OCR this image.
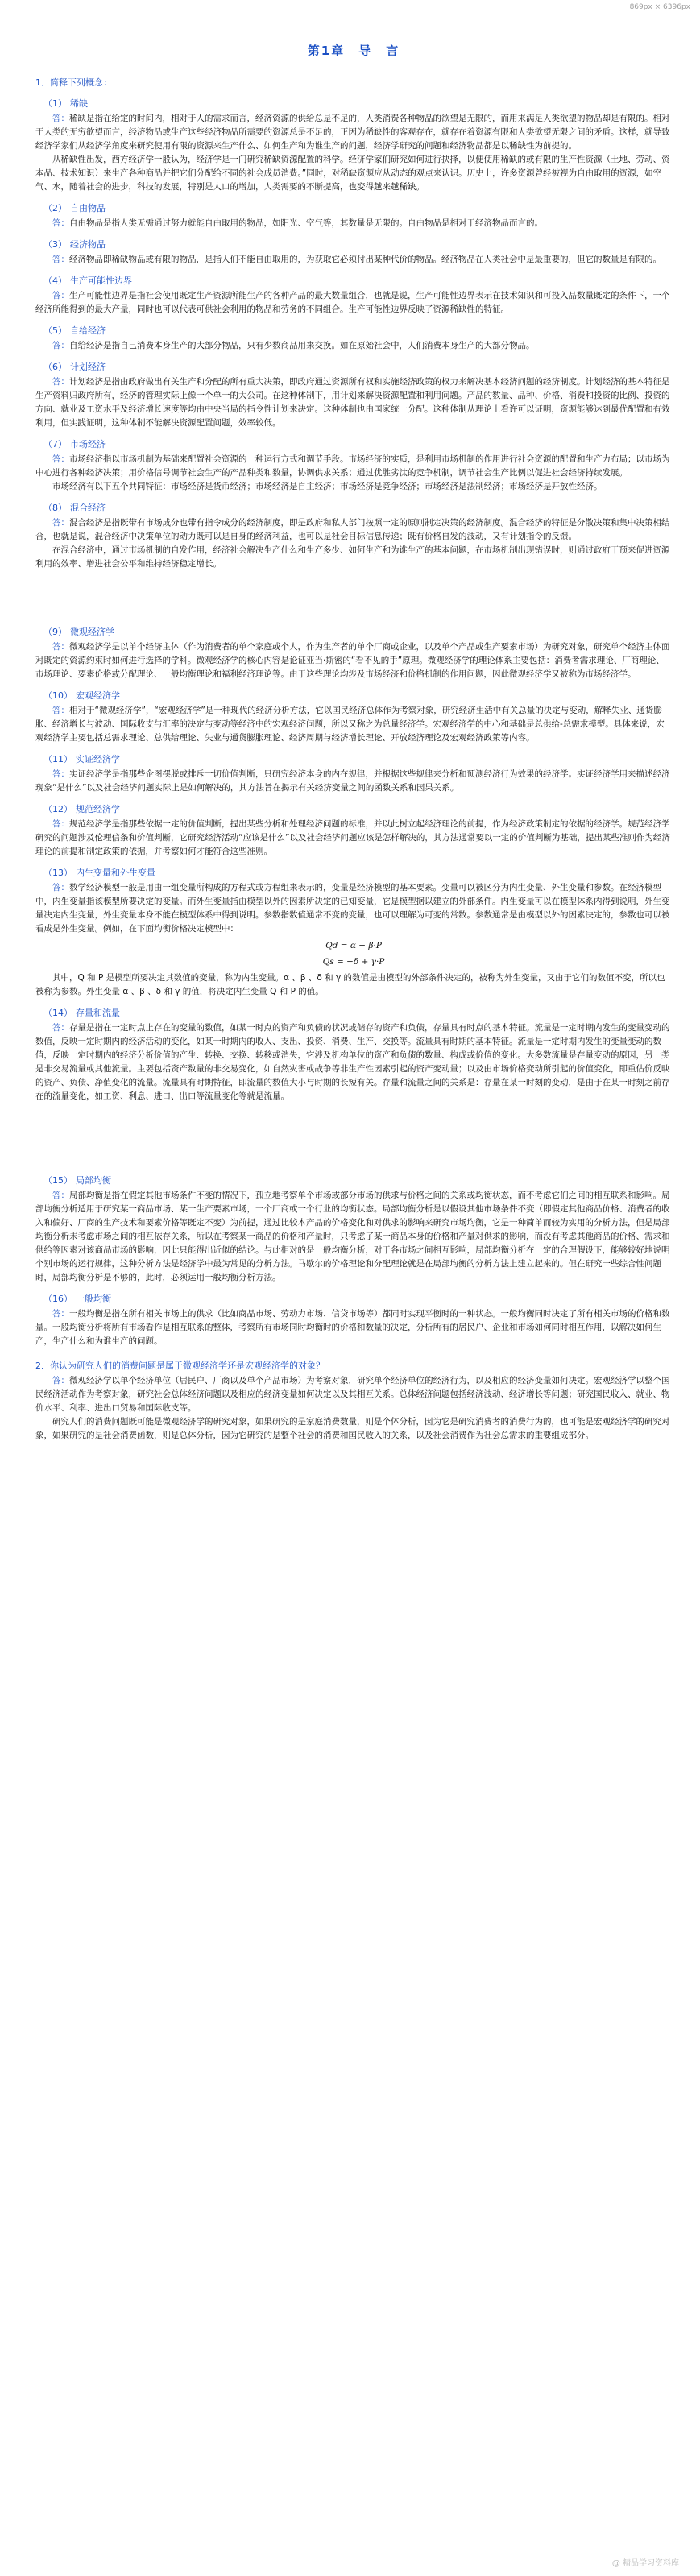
869px × 6396px
第1章　导　言
1．简释下列概念：
（1） 稀缺

答：稀缺是指在给定的时间内，相对于人的需求而言，经济资源的供给总是不足的，人类消费各种物品的欲望是无限的，而用来满足人类欲望的物品却是有限的。相对于人类的无穷欲望而言，经济物品或生产这些经济物品所需要的资源总是不足的，正因为稀缺性的客观存在，就存在着资源有限和人类欲望无限之间的矛盾。这样，就导致经济学家们从经济学角度来研究使用有限的资源来生产什么、如何生产和为谁生产的问题，经济学研究的问题和经济物品都是以稀缺性为前提的。

从稀缺性出发，西方经济学一般认为，经济学是一门研究稀缺资源配置的科学。经济学家们研究如何进行抉择，以便使用稀缺的或有限的生产性资源（土地、劳动、资本品、技术知识）来生产各种商品并把它们分配给不同的社会成员消费。”同时，对稀缺资源应从动态的观点来认识。历史上，许多资源曾经被视为自由取用的资源，如空气、水，随着社会的进步，科技的发展，特别是人口的增加，人类需要的不断提高，也变得越来越稀缺。

（2） 自由物品

答：自由物品是指人类无需通过努力就能自由取用的物品，如阳光、空气等，其数量是无限的。自由物品是相对于经济物品而言的。

（3） 经济物品

答：经济物品即稀缺物品或有限的物品，是指人们不能自由取用的，为获取它必须付出某种代价的物品。经济物品在人类社会中是最重要的，但它的数量是有限的。

（4） 生产可能性边界

答：生产可能性边界是指社会使用既定生产资源所能生产的各种产品的最大数量组合，也就是说，生产可能性边界表示在技术知识和可投入品数量既定的条件下，一个经济所能得到的最大产量，同时也可以代表可供社会利用的物品和劳务的不同组合。生产可能性边界反映了资源稀缺性的特征。

（5） 自给经济

答：自给经济是指自己消费本身生产的大部分物品，只有少数商品用来交换。如在原始社会中，人们消费本身生产的大部分物品。

（6） 计划经济

答：计划经济是指由政府做出有关生产和分配的所有重大决策，即政府通过资源所有权和实施经济政策的权力来解决基本经济问题的经济制度。计划经济的基本特征是生产资料归政府所有，经济的管理实际上像一个单一的大公司。在这种体制下，用计划来解决资源配置和利用问题。产品的数量、品种、价格、消费和投资的比例、投资的方向、就业及工资水平及经济增长速度等均由中央当局的指令性计划来决定。这种体制也由国家统一分配。这种体制从理论上看许可以证明，资源能够达到最优配置和有效利用，但实践证明，这种体制不能解决资源配置问题，效率较低。

（7） 市场经济

答：市场经济指以市场机制为基础来配置社会资源的一种运行方式和调节手段。市场经济的实质，是利用市场机制的作用进行社会资源的配置和生产力布局；以市场为中心进行各种经济决策；用价格信号调节社会生产的产品种类和数量，协调供求关系；通过优胜劣汰的竞争机制，调节社会生产比例以促进社会经济持续发展。

市场经济有以下五个共同特征：市场经济是货币经济；市场经济是自主经济；市场经济是竞争经济；市场经济是法制经济；市场经济是开放性经济。

（8） 混合经济

答：混合经济是指既带有市场成分也带有指令成分的经济制度，即是政府和私人部门按照一定的原则制定决策的经济制度。混合经济的特征是分散决策和集中决策相结合，也就是说，混合经济中决策单位的动力既可以是自身的经济利益，也可以是社会目标信息传递；既有价格自发的波动，又有计划指令的反馈。

在混合经济中，通过市场机制的自发作用，经济社会解决生产什么和生产多少、如何生产和为谁生产的基本问题，在市场机制出现错误时，则通过政府干预来促进资源利用的效率、增进社会公平和维持经济稳定增长。

（9） 微观经济学

答：微观经济学是以单个经济主体（作为消费者的单个家庭或个人，作为生产者的单个厂商或企业，以及单个产品或生产要素市场）为研究对象，研究单个经济主体面对既定的资源约束时如何进行选择的学科。微观经济学的核心内容是论证亚当·斯密的“看不见的手”原理。微观经济学的理论体系主要包括：消费者需求理论、厂商理论、市场理论、要素价格或分配理论、一般均衡理论和福利经济理论等。由于这些理论均涉及市场经济和价格机制的作用问题，因此微观经济学又被称为市场经济学。

（10） 宏观经济学

答：相对于“微观经济学”，“宏观经济学”是一种现代的经济分析方法，它以国民经济总体作为考察对象，研究经济生活中有关总量的决定与变动，解释失业、通货膨胀、经济增长与波动、国际收支与汇率的决定与变动等经济中的宏观经济问题，所以又称之为总量经济学。宏观经济学的中心和基础是总供给-总需求模型。具体来说，宏观经济学主要包括总需求理论、总供给理论、失业与通货膨胀理论、经济周期与经济增长理论、开放经济理论及宏观经济政策等内容。

（11） 实证经济学

答：实证经济学是指那些企图摆脱或排斥一切价值判断，只研究经济本身的内在规律，并根据这些规律来分析和预测经济行为效果的经济学。实证经济学用来描述经济现象“是什么”以及社会经济问题实际上是如何解决的，其方法旨在揭示有关经济变量之间的函数关系和因果关系。

（12） 规范经济学

答：规范经济学是指那些依据一定的价值判断，提出某些分析和处理经济问题的标准，并以此树立起经济理论的前提，作为经济政策制定的依据的经济学。规范经济学研究的问题涉及伦理信条和价值判断，它研究经济活动“应该是什么”以及社会经济问题应该是怎样解决的，其方法通常要以一定的价值判断为基础，提出某些准则作为经济理论的前提和制定政策的依据，并考察如何才能符合这些准则。

（13） 内生变量和外生变量

答：数学经济模型一般是用由一组变量所构成的方程式或方程组来表示的，变量是经济模型的基本要素。变量可以被区分为内生变量、外生变量和参数。在经济模型中，内生变量指该模型所要决定的变量。而外生变量指由模型以外的因素所决定的已知变量，它是模型据以建立的外部条件。内生变量可以在模型体系内得到说明，外生变量决定内生变量，外生变量本身不能在模型体系中得到说明。参数指数值通常不变的变量，也可以理解为可变的常数。参数通常是由模型以外的因素决定的，参数也可以被看成是外生变量。例如，在下面均衡价格决定模型中：

Qd = α − β·P
Qs = −δ + γ·P

其中，Q 和 P 是模型所要决定其数值的变量，称为内生变量。α 、β 、δ 和 γ 的数值是由模型的外部条件决定的，被称为外生变量，又由于它们的数值不变，所以也被称为参数。外生变量 α 、β 、δ 和 γ 的值，将决定内生变量 Q 和 P 的值。

（14） 存量和流量

答：存量是指在一定时点上存在的变量的数值，如某一时点的资产和负债的状况或储存的资产和负债，存量具有时点的基本特征。流量是一定时期内发生的变量变动的数值，反映一定时期内的经济活动的变化，如某一时期内的收入、支出、投资、消费、生产、交换等。流量具有时期的基本特征。流量是一定时期内发生的变量变动的数值，反映一定时期内的经济分析价值的产生、转换、交换、转移或消失，它涉及机构单位的资产和负债的数量、构成或价值的变化。大多数流量是存量变动的原因，另一类是非交易流量或其他流量。主要包括资产数量的非交易变化，如自然灾害或战争等非生产性因素引起的资产变动量；以及由市场价格变动所引起的价值变化，即重估价反映的资产、负债、净值变化的流量。流量具有时期特征，即流量的数值大小与时期的长短有关。存量和流量之间的关系是：存量在某一时刻的变动，是由于在某一时刻之前存在的流量变化，如工资、利息、进口、出口等流量变化等就是流量。

（15） 局部均衡

答：局部均衡是指在假定其他市场条件不变的情况下，孤立地考察单个市场或部分市场的供求与价格之间的关系或均衡状态，而不考虑它们之间的相互联系和影响。局部均衡分析适用于研究某一商品市场、某一生产要素市场，一个厂商或一个行业的均衡状态。局部均衡分析是以假设其他市场条件不变（即假定其他商品价格、消费者的收入和偏好、厂商的生产技术和要素价格等既定不变）为前提，通过比较本产品的价格变化和对供求的影响来研究市场均衡，它是一种简单而较为实用的分析方法，但是局部均衡分析未考虑市场之间的相互依存关系，所以在考察某一商品的价格和产量时，只考虑了某一商品本身的价格和产量对供求的影响，而没有考虑其他商品的价格、需求和供给等因素对该商品市场的影响，因此只能得出近似的结论。与此相对的是一般均衡分析，对于各市场之间相互影响，局部均衡分析在一定的合理假设下，能够较好地说明个别市场的运行规律，这种分析方法是经济学中最为常见的分析方法。马歇尔的价格理论和分配理论就是在局部均衡的分析方法上建立起来的。但在研究一些综合性问题时，局部均衡分析是不够的，此时，必须运用一般均衡分析方法。

（16） 一般均衡

答：一般均衡是指在所有相关市场上的供求（比如商品市场、劳动力市场、信贷市场等）都同时实现平衡时的一种状态。一般均衡同时决定了所有相关市场的价格和数量。一般均衡分析将所有市场看作是相互联系的整体，考察所有市场同时均衡时的价格和数量的决定，分析所有的居民户、企业和市场如何同时相互作用，以解决如何生产，生产什么和为谁生产的问题。

2．你认为研究人们的消费问题是属于微观经济学还是宏观经济学的对象？

答：微观经济学以单个经济单位（居民户、厂商以及单个产品市场）为考察对象，研究单个经济单位的经济行为，以及相应的经济变量如何决定。宏观经济学以整个国民经济活动作为考察对象，研究社会总体经济问题以及相应的经济变量如何决定以及其相互关系。总体经济问题包括经济波动、经济增长等问题；研究国民收入、就业、物价水平、利率、进出口贸易和国际收支等。

研究人们的消费问题既可能是微观经济学的研究对象，如果研究的是家庭消费数量，则是个体分析，因为它是研究消费者的消费行为的，也可能是宏观经济学的研究对象，如果研究的是社会消费函数，则是总体分析，因为它研究的是整个社会的消费和国民收入的关系，以及社会消费作为社会总需求的重要组成部分。

@ 精品学习资料库
